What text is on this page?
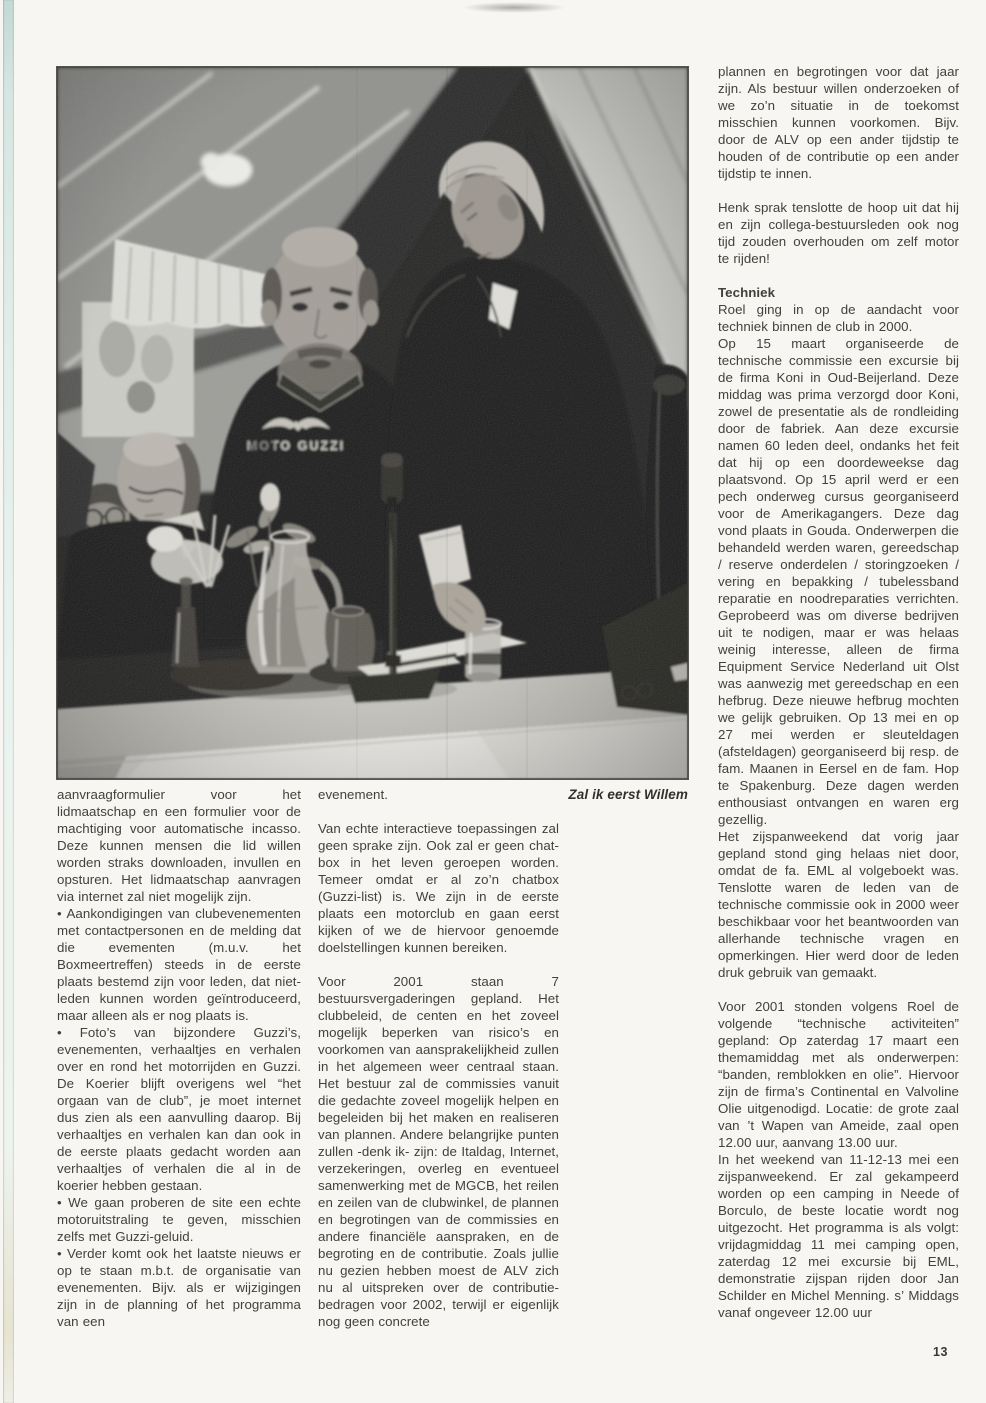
Zal ik eerst Willem

aanvraagformulier voor het lidmaatschap en een formulier voor de machtiging voor automatische incasso. Deze kunnen mensen die lid willen worden straks downloaden, invullen en opsturen. Het lidmaatschap aanvragen via internet zal niet mogelijk zijn.

• Aankondigingen van clubevenementen met contactpersonen en de melding dat die evementen (m.u.v. het Boxmeertreffen) steeds in de eerste plaats bestemd zijn voor leden, dat niet-leden kunnen worden geïntroduceerd, maar alleen als er nog plaats is.

• Foto’s van bijzondere Guzzi’s, evenementen, verhaaltjes en verhalen over en rond het motorrijden en Guzzi. De Koerier blijft overigens wel “het orgaan van de club”, je moet internet dus zien als een aanvulling daarop. Bij verhaaltjes en verhalen kan dan ook in de eerste plaats gedacht worden aan verhaaltjes of verhalen die al in de koerier hebben gestaan.

• We gaan proberen de site een echte motoruitstraling te geven, misschien zelfs met Guzzi-geluid.

• Verder komt ook het laatste nieuws er op te staan m.b.t. de organisatie van evenementen. Bijv. als er wijzigingen zijn in de planning of het programma van een

evenement.

Van echte interactieve toepassingen zal geen sprake zijn. Ook zal er geen chat-box in het leven geroepen worden. Temeer omdat er al zo’n chatbox (Guzzi-list) is. We zijn in de eerste plaats een motorclub en gaan eerst kijken of we de hiervoor genoemde doelstellingen kunnen bereiken.

Voor 2001 staan 7 bestuursvergaderingen gepland. Het clubbeleid, de centen en het zoveel mogelijk beperken van risico’s en voorkomen van aansprakelijkheid zullen in het algemeen weer centraal staan. Het bestuur zal de commissies vanuit die gedachte zoveel mogelijk helpen en begeleiden bij het maken en realiseren van plannen. Andere belangrijke punten zullen -denk ik- zijn: de Italdag, Internet, verzekeringen, overleg en eventueel samenwerking met de MGCB, het reilen en zeilen van de clubwinkel, de plannen en begrotingen van de commissies en andere financiële aanspraken, en de begroting en de contributie. Zoals jullie nu gezien hebben moest de ALV zich nu al uitspreken over de contributie-bedragen voor 2002, terwijl er eigenlijk nog geen concrete

plannen en begrotingen voor dat jaar zijn. Als bestuur willen onderzoeken of we zo’n situatie in de toekomst misschien kunnen voorkomen. Bijv. door de ALV op een ander tijdstip te houden of de contributie op een ander tijdstip te innen.

Henk sprak tenslotte de hoop uit dat hij en zijn collega-bestuursleden ook nog tijd zouden overhouden om zelf motor te rijden!

Techniek

Roel ging in op de aandacht voor techniek binnen de club in 2000.

Op 15 maart organiseerde de technische commissie een excursie bij de firma Koni in Oud-Beijerland. Deze middag was prima verzorgd door Koni, zowel de presentatie als de rondleiding door de fabriek. Aan deze excursie namen 60 leden deel, ondanks het feit dat hij op een doordeweekse dag plaatsvond. Op 15 april werd er een pech onderweg cursus georganiseerd voor de Amerikagangers. Deze dag vond plaats in Gouda. Onderwerpen die behandeld werden waren, gereedschap / reserve onderdelen / storingzoeken / vering en bepakking / tubelessband reparatie en noodreparaties verrichten. Geprobeerd was om diverse bedrijven uit te nodigen, maar er was helaas weinig interesse, alleen de firma Equipment Service Nederland uit Olst was aanwezig met gereedschap en een hefbrug. Deze nieuwe hefbrug mochten we gelijk gebruiken. Op 13 mei en op 27 mei werden er sleuteldagen (afsteldagen) georganiseerd bij resp. de fam. Maanen in Eersel en de fam. Hop te Spakenburg. Deze dagen werden enthousiast ontvangen en waren erg gezellig.

Het zijspanweekend dat vorig jaar gepland stond ging helaas niet door, omdat de fa. EML al volgeboekt was. Tenslotte waren de leden van de technische commissie ook in 2000 weer beschikbaar voor het beantwoorden van allerhande technische vragen en opmerkingen. Hier werd door de leden druk gebruik van gemaakt.

Voor 2001 stonden volgens Roel de volgende “technische activiteiten” gepland: Op zaterdag 17 maart een themamiddag met als onderwerpen: “banden, remblokken en olie”. Hiervoor zijn de firma’s Continental en Valvoline Olie uitgenodigd. Locatie: de grote zaal van ’t Wapen van Ameide, zaal open 12.00 uur, aanvang 13.00 uur.

In het weekend van 11-12-13 mei een zijspanweekend. Er zal gekampeerd worden op een camping in Neede of Borculo, de beste locatie wordt nog uitgezocht. Het programma is als volgt: vrijdagmiddag 11 mei camping open, zaterdag 12 mei excursie bij EML, demonstratie zijspan rijden door Jan Schilder en Michel Menning. s’ Middags vanaf ongeveer 12.00 uur

13
